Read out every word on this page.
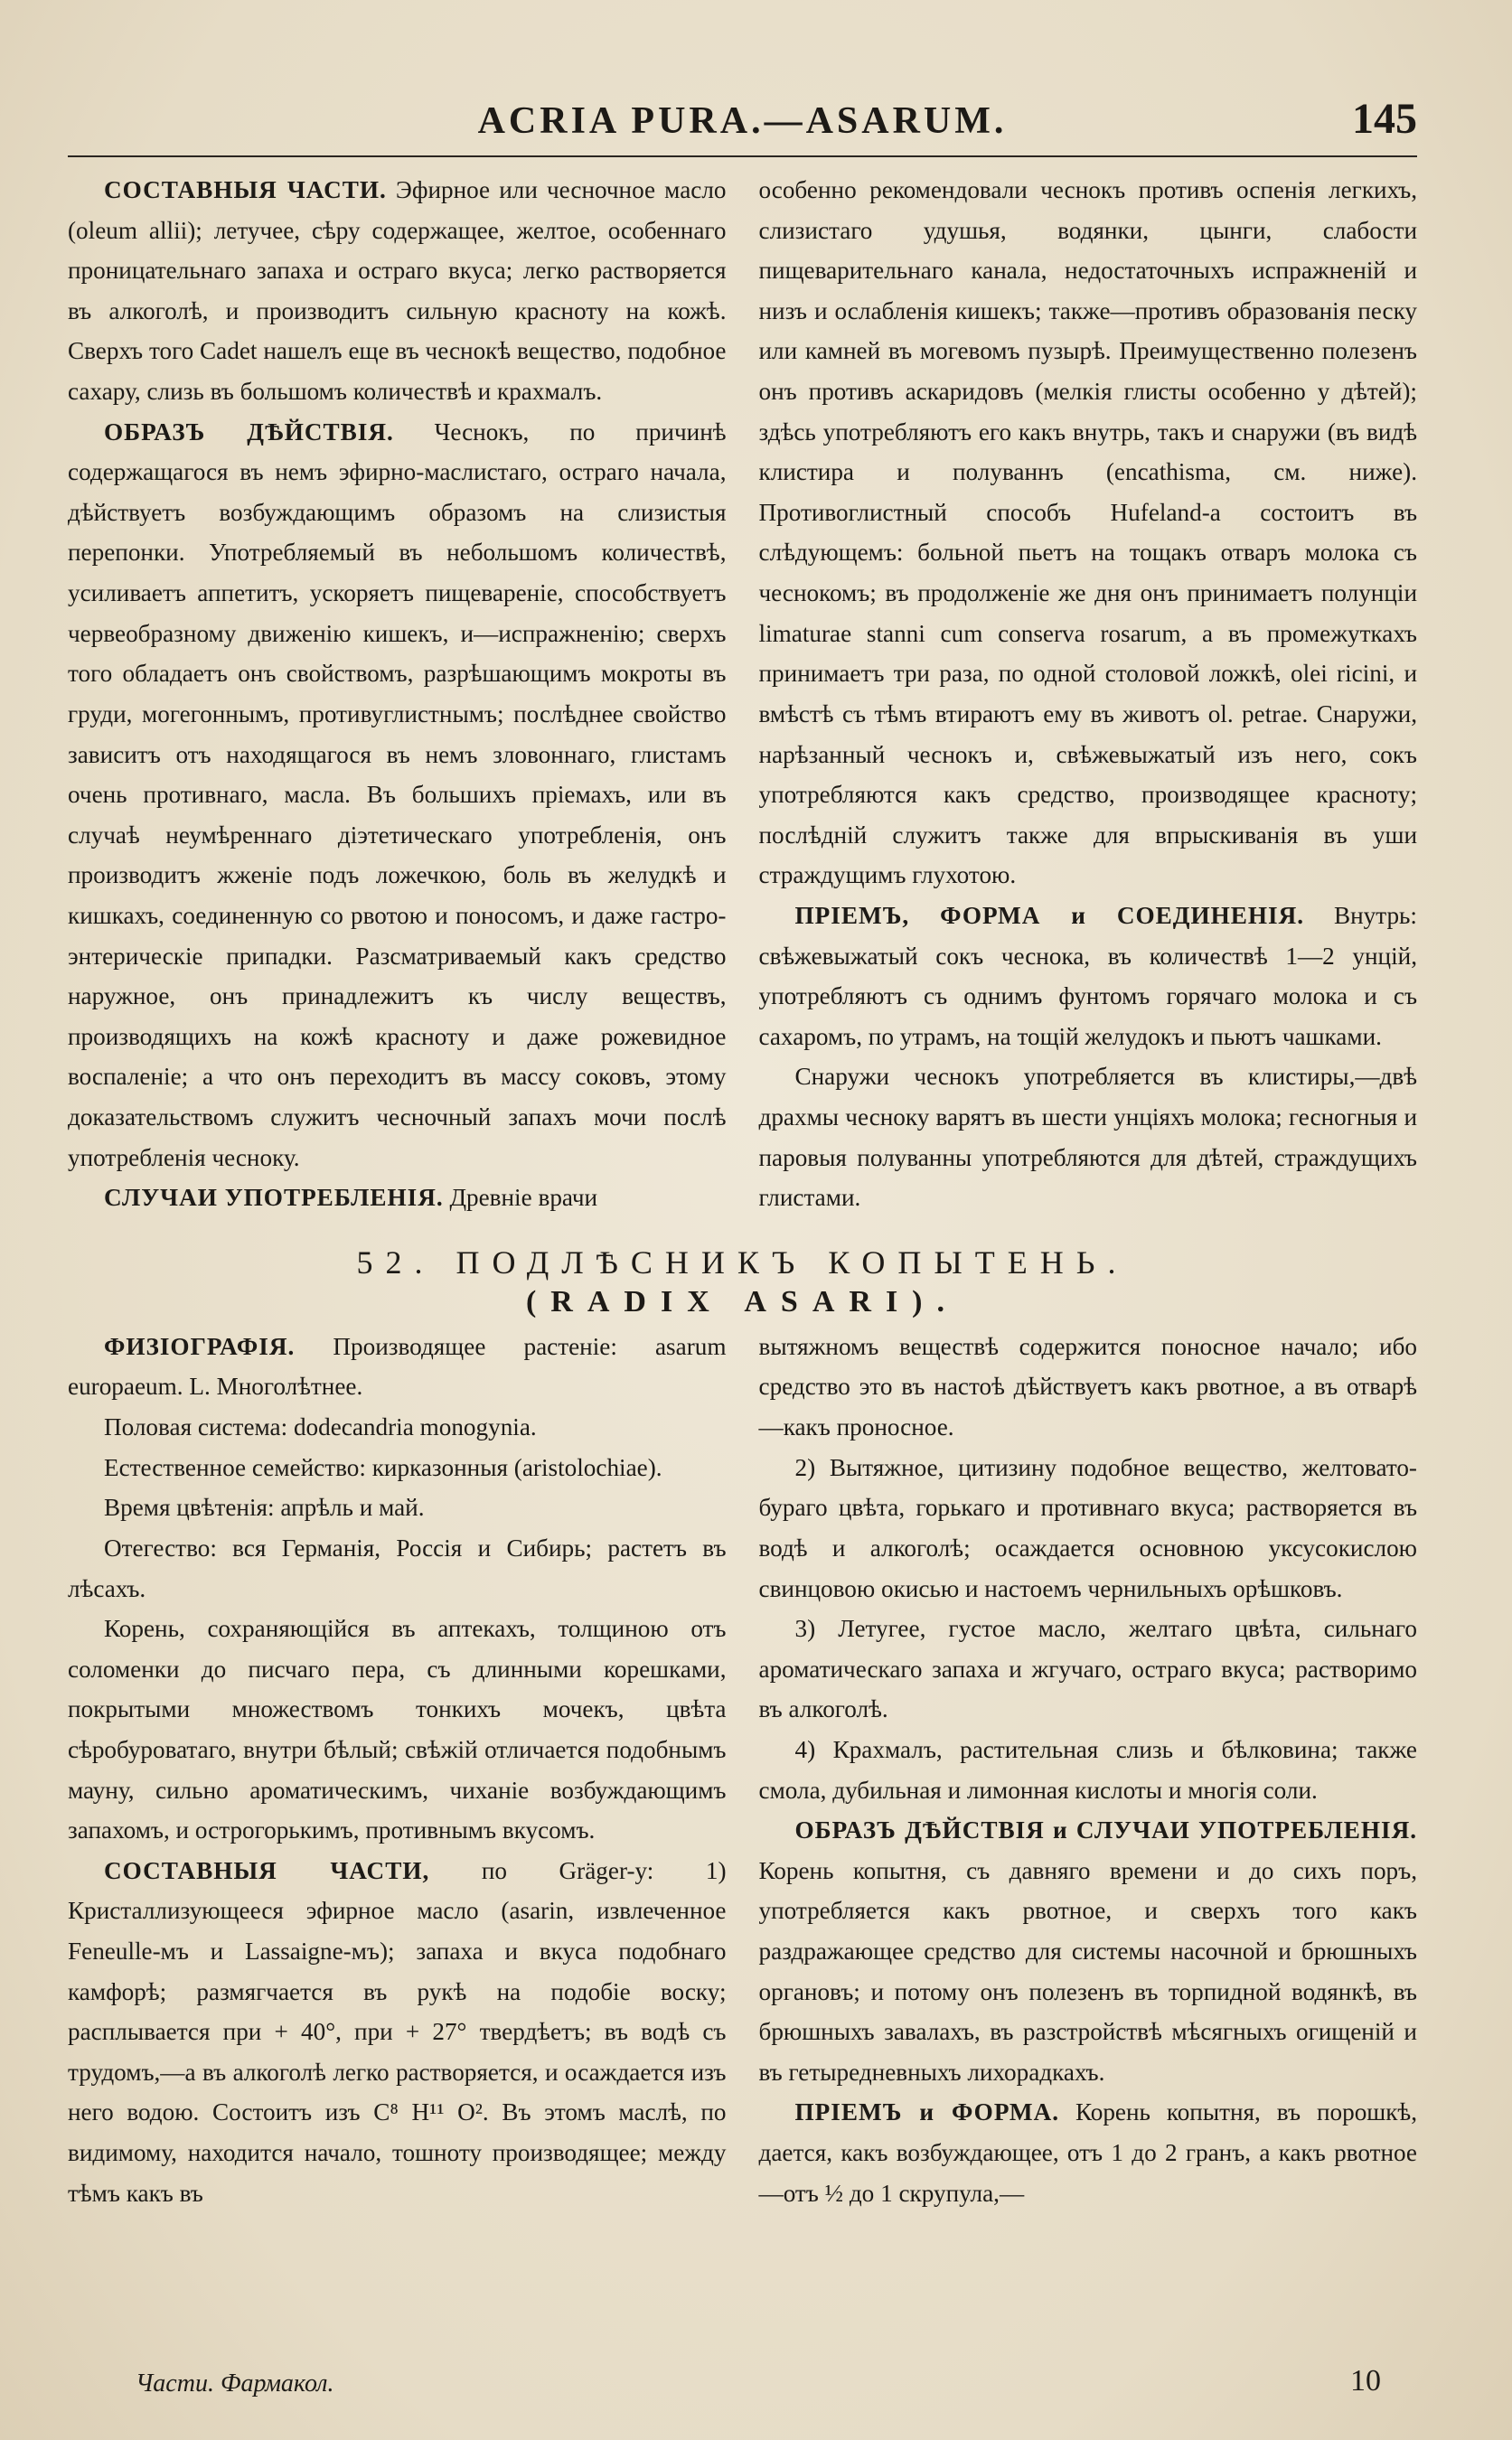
ACRIA PURA.—ASARUM.	145

СОСТАВНЫЯ ЧАСТИ. Эфирное или чесночное масло (oleum allii); летучее, сѣру содержащее, желтое, особеннаго проницательнаго запаха и остраго вкуса; легко растворяется въ алкоголѣ, и производитъ сильную красноту на кожѣ. Сверхъ того Cadet нашелъ еще въ чеснокѣ вещество, подобное сахару, слизь въ большомъ количествѣ и крахмалъ.

ОБРАЗЪ ДѢЙСТВІЯ. Чеснокъ, по причинѣ содержащагося въ немъ эфирно-маслистаго, остраго начала, дѣйствуетъ возбуждающимъ образомъ на слизистыя перепонки. Употребляемый въ небольшомъ количествѣ, усиливаетъ аппетитъ, ускоряетъ пищевареніе, способствуетъ червеобразному движенію кишекъ, и—испражненію; сверхъ того обладаетъ онъ свойствомъ, разрѣшающимъ мокроты въ груди, могегоннымъ, противуглистнымъ; послѣднее свойство зависитъ отъ находящагося въ немъ зловоннаго, глистамъ очень противнаго, масла. Въ большихъ пріемахъ, или въ случаѣ неумѣреннаго діэтетическаго употребленія, онъ производитъ жженіе подъ ложечкою, боль въ желудкѣ и кишкахъ, соединенную со рвотою и поносомъ, и даже гастро-энтерическіе припадки. Разсматриваемый какъ средство наружное, онъ принадлежитъ къ числу веществъ, производящихъ на кожѣ краснотy и даже рожевидное воспаленіе; а что онъ переходитъ въ массу соковъ, этому доказательствомъ служитъ чесночный запахъ мочи послѣ употребленія чесноку.

СЛУЧАИ УПОТРЕБЛЕНІЯ. Древніе врачи

особенно рекомендовали чеснокъ противъ оспенія легкихъ, слизистаго удушья, водянки, цынги, слабости пищеварительнаго канала, недостаточныхъ испражненій и низъ и ослабленія кишекъ; также—противъ образованія песку или камней въ могевомъ пузырѣ. Преимущественно полезенъ онъ противъ аскаридовъ (мелкія глисты особенно у дѣтей); здѣсь употребляютъ его какъ внутрь, такъ и снаружи (въ видѣ клистира и полуваннъ (encathisma, см. ниже). Противоглистный способъ Hufeland-а состоитъ въ слѣдующемъ: больной пьетъ на тощакъ отваръ молока съ чеснокомъ; въ продолженіе же дня онъ принимаетъ полунціи limaturae stanni cum conserva rosarum, а въ промежуткахъ принимаетъ три раза, по одной столовой ложкѣ, olei ricini, и вмѣстѣ съ тѣмъ втираютъ ему въ животъ ol. petrae. Снаружи, нарѣзанный чеснокъ и, свѣжевыжатый изъ него, сокъ употребляются какъ средство, производящее краснотy; послѣдній служитъ также для впрыскиванія въ уши страждущимъ глухотою.

ПРІЕМЪ, ФОРМА и СОЕДИНЕНІЯ. Внутрь: свѣжевыжатый сокъ чеснока, въ количествѣ 1—2 унцій, употребляютъ съ однимъ фунтомъ горячаго молока и съ сахаромъ, по утрамъ, на тощій желудокъ и пьютъ чашками.

Снаружи чеснокъ употребляется въ клистиры,—двѣ драхмы чесноку варятъ въ шести унціяхъ молока; гесногныя и паровыя полуванны употребляются для дѣтей, страждущихъ глистами.

52. ПОДЛѢСНИКЪ КОПЫТЕНЬ.
(RADIX ASARI).

ФИЗІОГРАФІЯ. Производящее растеніе: asarum europaeum. L. Многолѣтнее.

Половая система: dodecandria monogynia.

Естественное семейство: кирказонныя (aristolochiae).

Время цвѣтенія: апрѣль и май.

Отегество: вся Германія, Россія и Сибирь; растетъ въ лѣсахъ.

Корень, сохраняющійся въ аптекахъ, толщиною отъ соломенки до писчаго пера, съ длинными корешками, покрытыми множествомъ тонкихъ мочекъ, цвѣта сѣробуроватаго, внутри бѣлый; свѣжій отличается подобнымъ мауну, сильно ароматическимъ, чиханіе возбуждающимъ запахомъ, и острогорькимъ, противнымъ вкусомъ.

СОСТАВНЫЯ ЧАСТИ, по Gräger-у: 1) Кристаллизующееся эфирное масло (asarin, извлеченное Feneulle-мъ и Lassaigne-мъ); запаха и вкуса подобнаго камфорѣ; размягчается въ рукѣ на подобіе воску; расплывается при + 40°, при + 27° твердѣетъ; въ водѣ съ трудомъ,—а въ алкоголѣ легко растворяется, и осаждается изъ него водою. Состоитъ изъ C⁸ H¹¹ O². Въ этомъ маслѣ, по видимому, находится начало, тошноту производящее; между тѣмъ какъ въ

вытяжномъ веществѣ содержится поносное начало; ибо средство это въ настоѣ дѣйствуетъ какъ рвотное, а въ отварѣ—какъ проносное.

2) Вытяжное, цитизину подобное вещество, желтовато-бураго цвѣта, горькаго и противнаго вкуса; растворяется въ водѣ и алкоголѣ; осаждается основною уксусокислою свинцовою окисью и настоемъ чернильныхъ орѣшковъ.

3) Летугее, густое масло, желтаго цвѣта, сильнаго ароматическаго запаха и жгучаго, остраго вкуса; растворимо въ алкоголѣ.

4) Крахмалъ, растительная слизь и бѣлковина; также смола, дубильная и лимонная кислоты и многія соли.

ОБРАЗЪ ДѢЙСТВІЯ и СЛУЧАИ УПОТРЕБЛЕНІЯ. Корень копытня, съ давняго времени и до сихъ поръ, употребляется какъ рвотное, и сверхъ того какъ раздражающее средство для системы насочной и брюшныхъ органовъ; и потому онъ полезенъ въ торпидной водянкѣ, въ брюшныхъ завалахъ, въ разстройствѣ мѣсягныхъ огищеній и въ гетыредневныхъ лихорадкахъ.

ПРІЕМЪ и ФОРМА. Корень копытня, въ порошкѣ, дается, какъ возбуждающее, отъ 1 до 2 гранъ, а какъ рвотное—отъ ½ до 1 скрупула,—

Части. Фармакол.	10
